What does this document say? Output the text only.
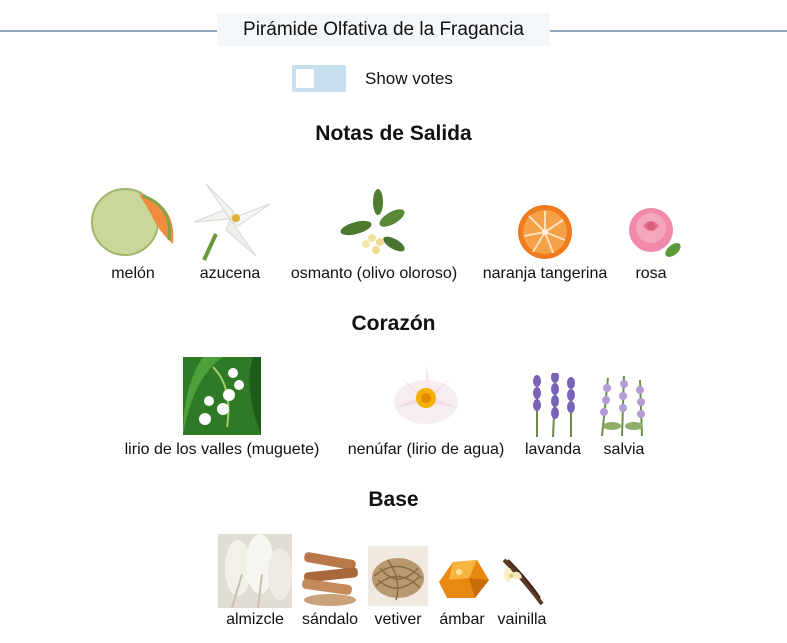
Pirámide Olfativa de la Fragancia
Show votes
Notas de Salida
melón	azucena osmanto (olivo oloroso) naranja tangerina rosa
Corazón
lirio de los valles (muguete) nenúfar (lirio de agua) lavanda salvia
Base
almizcle sándalo vetiver ámbar vainilla
